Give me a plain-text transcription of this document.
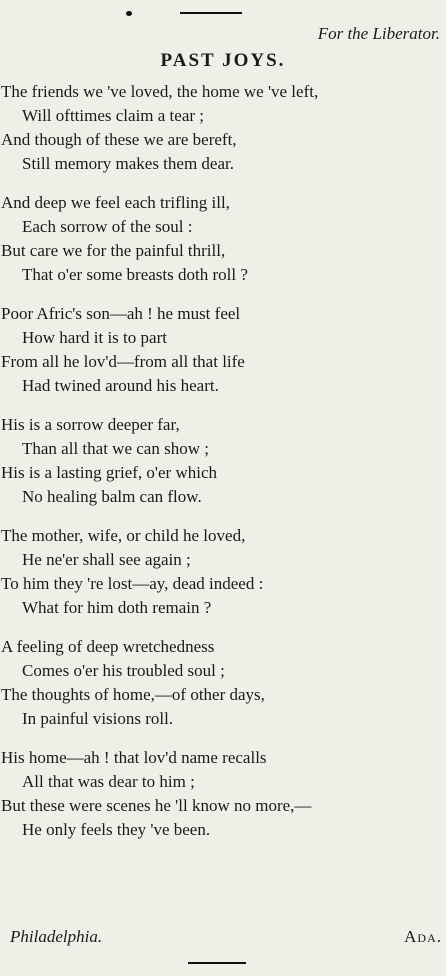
For the Liberator.
PAST JOYS.
The friends we 've loved, the home we 've left,
Will ofttimes claim a tear ;
And though of these we are bereft,
Still memory makes them dear.
And deep we feel each trifling ill,
Each sorrow of the soul :
But care we for the painful thrill,
That o'er some breasts doth roll ?
Poor Afric's son—ah ! he must feel
How hard it is to part
From all he lov'd—from all that life
Had twined around his heart.
His is a sorrow deeper far,
Than all that we can show ;
His is a lasting grief, o'er which
No healing balm can flow.
The mother, wife, or child he loved,
He ne'er shall see again ;
To him they 're lost—ay, dead indeed :
What for him doth remain ?
A feeling of deep wretchedness
Comes o'er his troubled soul ;
The thoughts of home,—of other days,
In painful visions roll.
His home—ah ! that lov'd name recalls
All that was dear to him ;
But these were scenes he 'll know no more,—
He only feels they 've been.
Philadelphia.	Ada.
